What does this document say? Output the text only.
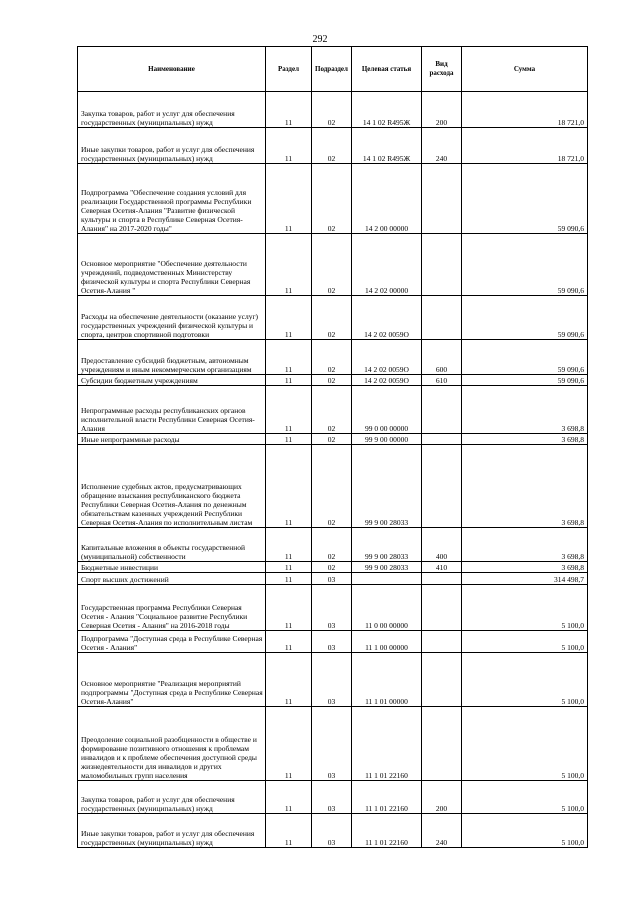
292
Наименование	Раздел	Подраздел	Целевая статья	Вид расхода	Сумма
Закупка товаров, работ и услуг для обеспечения государственных (муниципальных) нужд	11	02	14 1 02 R495Ж	200	18 721,0
Иные закупки товаров, работ и услуг для обеспечения государственных (муниципальных) нужд	11	02	14 1 02 R495Ж	240	18 721,0
Подпрограмма "Обеспечение создания условий для реализации Государственной программы Республики Северная Осетия-Алания "Развитие физической культуры и спорта в Республике Северная Осетия-Алания" на 2017-2020 годы"	11	02	14 2 00 00000		59 090,6
Основное мероприятие "Обеспечение деятельности учреждений, подведомственных Министерству физической культуры и спорта Республики Северная Осетия-Алания "	11	02	14 2 02 00000		59 090,6
Расходы на обеспечение деятельности (оказание услуг) государственных учреждений физической культуры и спорта, центров спортивной подготовки	11	02	14 2 02 0059О		59 090,6
Предоставление субсидий бюджетным, автономным учреждениям и иным некоммерческим организациям	11	02	14 2 02 0059О	600	59 090,6
Субсидии бюджетным учреждениям	11	02	14 2 02 0059О	610	59 090,6
Непрограммные расходы республиканских органов исполнительной власти Республики Северная Осетия-Алания	11	02	99 0 00 00000		3 698,8
Иные непрограммные расходы	11	02	99 9 00 00000		3 698,8
Исполнение судебных актов, предусматривающих обращение взыскания республиканского бюджета Республики Северная Осетия-Алания по денежным обязательствам казенных учреждений Республики Северная Осетия-Алания по исполнительным листам	11	02	99 9 00 28033		3 698,8
Капитальные вложения в объекты государственной (муниципальной) собственности	11	02	99 9 00 28033	400	3 698,8
Бюджетные инвестиции	11	02	99 9 00 28033	410	3 698,8
Спорт высших достижений	11	03			314 498,7
Государственная программа Республики Северная Осетия - Алания "Социальное развитие Республики Северная Осетия - Алания" на 2016-2018 годы	11	03	11 0 00 00000		5 100,0
Подпрограмма "Доступная среда в Республике Северная Осетия - Алания"	11	03	11 1 00 00000		5 100,0
Основное мероприятие "Реализация мероприятий подпрограммы "Доступная среда в Республике Северная Осетия-Алания"	11	03	11 1 01 00000		5 100,0
Преодоление социальной разобщенности в обществе и формирование позитивного отношения к проблемам инвалидов и к проблеме обеспечения доступной среды жизнедеятельности для инвалидов и других маломобильных групп населения	11	03	11 1 01 22160		5 100,0
Закупка товаров, работ и услуг для обеспечения государственных (муниципальных) нужд	11	03	11 1 01 22160	200	5 100,0
Иные закупки товаров, работ и услуг для обеспечения государственных (муниципальных) нужд	11	03	11 1 01 22160	240	5 100,0
